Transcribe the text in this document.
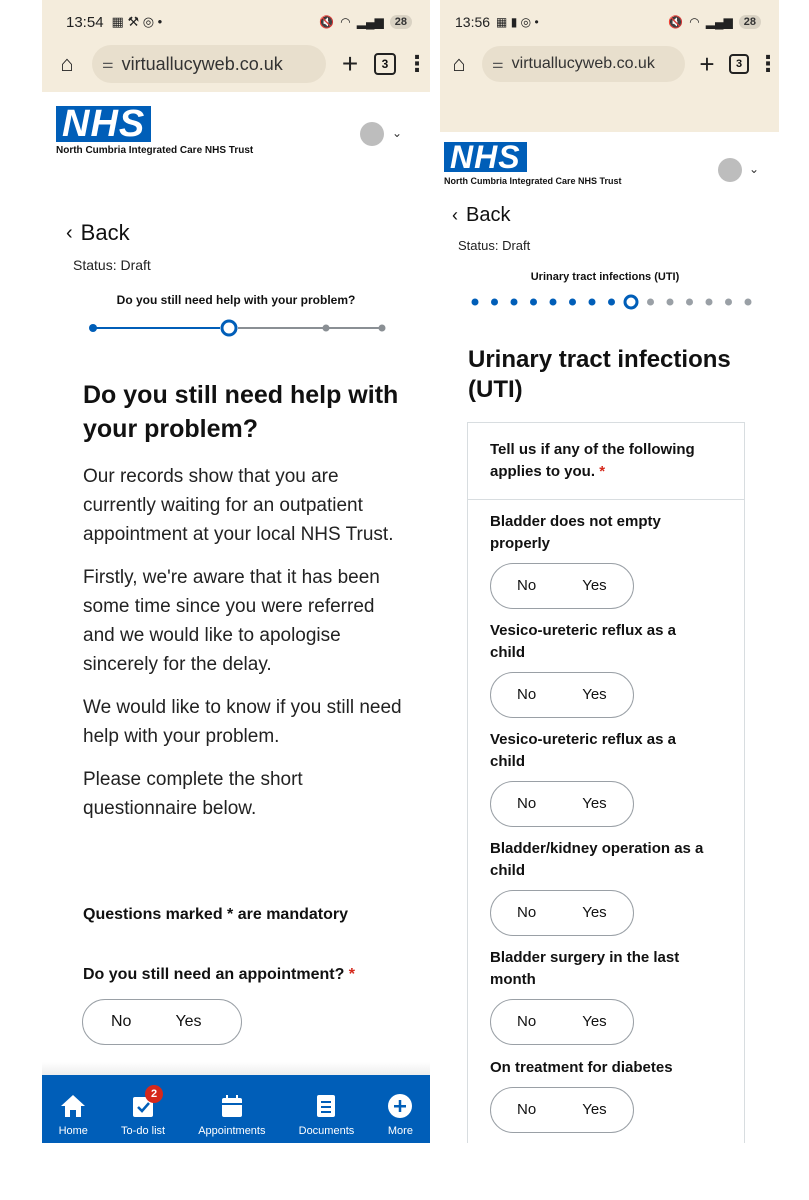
13:54 ▦ ⚒ ◎ •	🔇 ◠ ▂▄▆	28
⌂	⚌ virtuallucyweb.co.uk +	3 ⋮
NHS
North Cumbria Integrated Care NHS Trust
⌄
‹ Back
Status: Draft
Do you still need help with your problem?
Do you still need help with your problem?

Our records show that you are currently waiting for an outpatient appointment at your local NHS Trust.

Firstly, we're aware that it has been some time since you were referred and we would like to apologise sincerely for the delay.

We would like to know if you still need help with your problem.

Please complete the short questionnaire below.

Questions marked * are mandatory
Do you still need an appointment? *
No	Yes
Home
2
To-do list	Appointments	Documents	More
13:56 ▦ ▮ ◎ •	🔇 ◠ ▂▄▆	28
⌂	⚌ virtuallucyweb.co.uk +	3 ⋮
NHS
North Cumbria Integrated Care NHS Trust
⌄
‹ Back
Status: Draft
Urinary tract infections (UTI)
Urinary tract infections (UTI)
Tell us if any of the following applies to you. *
Bladder does not empty properly
No	Yes
Vesico-ureteric reflux as a child
No	Yes
Vesico-ureteric reflux as a child
No	Yes
Bladder/kidney operation as a child
No	Yes
Bladder surgery in the last month
No	Yes
On treatment for diabetes
No	Yes
